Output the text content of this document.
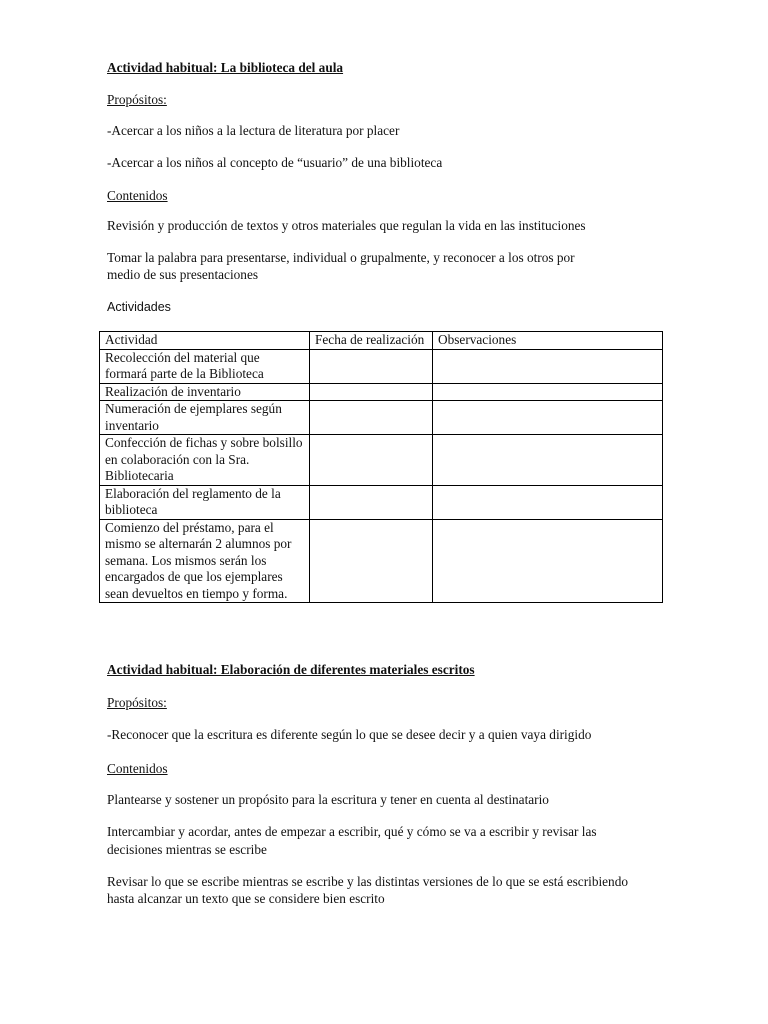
Actividad habitual: La biblioteca del aula
Propósitos:
-Acercar a los niños a la lectura de literatura por placer
-Acercar a los niños al concepto de “usuario” de una biblioteca
Contenidos
Revisión y producción de textos y otros materiales que regulan la vida en las instituciones
Tomar la palabra para presentarse, individual o grupalmente, y reconocer a los otros por medio de sus presentaciones
Actividades
Actividad	Fecha de realización	Observaciones
Recolección del material que formará parte de la Biblioteca		
Realización de inventario		
Numeración de ejemplares según inventario		
Confección de fichas y sobre bolsillo en colaboración con la Sra. Bibliotecaria		
Elaboración del reglamento de la biblioteca		
Comienzo del préstamo, para el mismo se alternarán 2 alumnos por semana. Los mismos serán los encargados de que los ejemplares sean devueltos en tiempo y forma.		
Actividad habitual: Elaboración de diferentes materiales escritos
Propósitos:
-Reconocer que la escritura es diferente según lo que se desee decir y a quien vaya dirigido
Contenidos
Plantearse y sostener un propósito para la escritura y tener en cuenta al destinatario
Intercambiar y acordar, antes de empezar a escribir, qué y cómo se va a escribir y revisar las decisiones mientras se escribe
Revisar lo que se escribe mientras se escribe y las distintas versiones de lo que se está escribiendo hasta alcanzar un texto que se considere bien escrito
